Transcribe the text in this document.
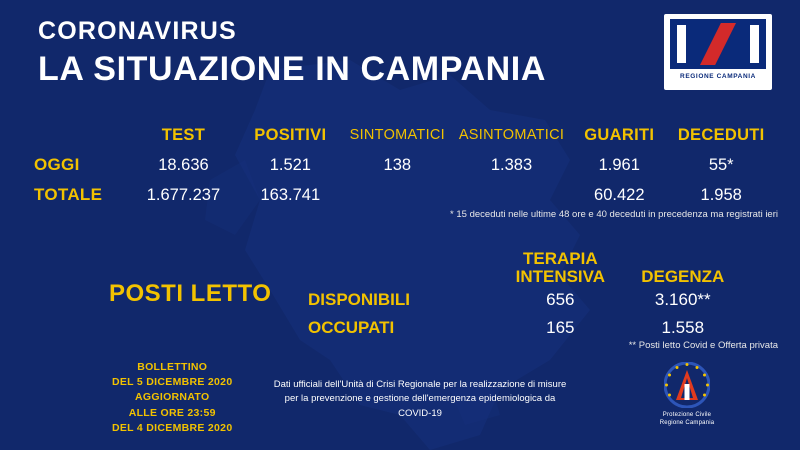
CORONAVIRUS
LA SITUAZIONE IN CAMPANIA	REGIONE CAMPANIA
	TEST	POSITIVI	SINTOMATICI	ASINTOMATICI	GUARITI	DECEDUTI
OGGI	18.636	1.521	138	1.383	1.961	55*
TOTALE	1.677.237	163.741			60.422	1.958
* 15 deceduti nelle ultime 48 ore e 40 deceduti in precedenza ma registrati ieri
POSTI LETTO

	TERAPIA
INTENSIVA	DEGENZA
DISPONIBILI	656	3.160**
OCCUPATI	165	1.558
** Posti letto Covid e Offerta privata
BOLLETTINO
DEL 5 DICEMBRE 2020
AGGIORNATO
ALLE ORE 23:59
DEL 4 DICEMBRE 2020
Dati ufficiali dell'Unità di Crisi Regionale per la realizzazione di misure
per la prevenzione e gestione dell'emergenza epidemiologica da COVID-19	Protezione Civile
Regione Campania
